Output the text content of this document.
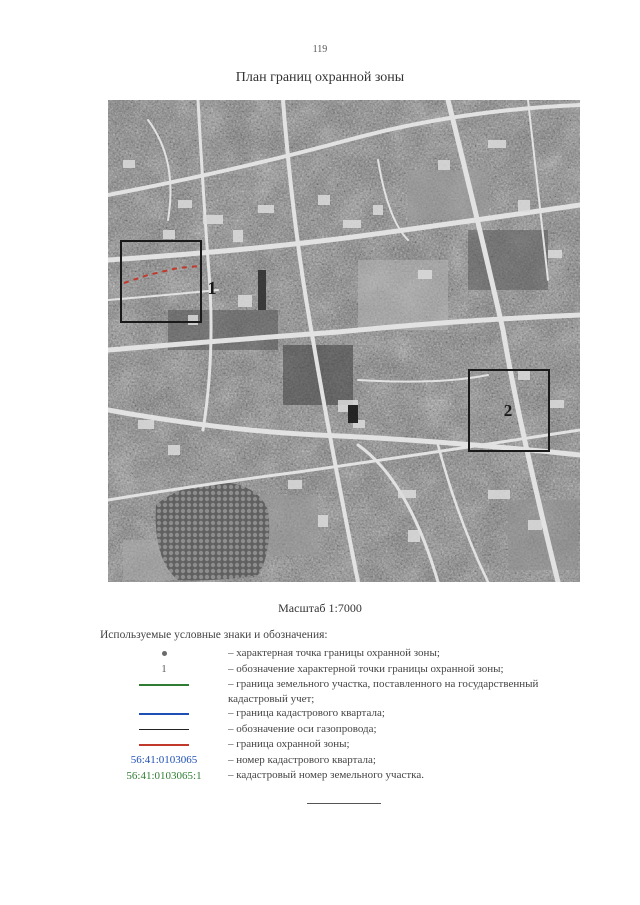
119
План границ охранной зоны
1
2
Масштаб 1:7000
Используемые условные знаки и обозначения:
– характерная точка границы охранной зоны;
1	– обозначение характерной точки границы охранной зоны;
– граница земельного участка, поставленного на государственный кадастровый учет;
– граница кадастрового квартала;
– обозначение оси газопровода;
– граница охранной зоны;
56:41:0103065	– номер кадастрового квартала;
56:41:0103065:1 – кадастровый номер земельного участка.
